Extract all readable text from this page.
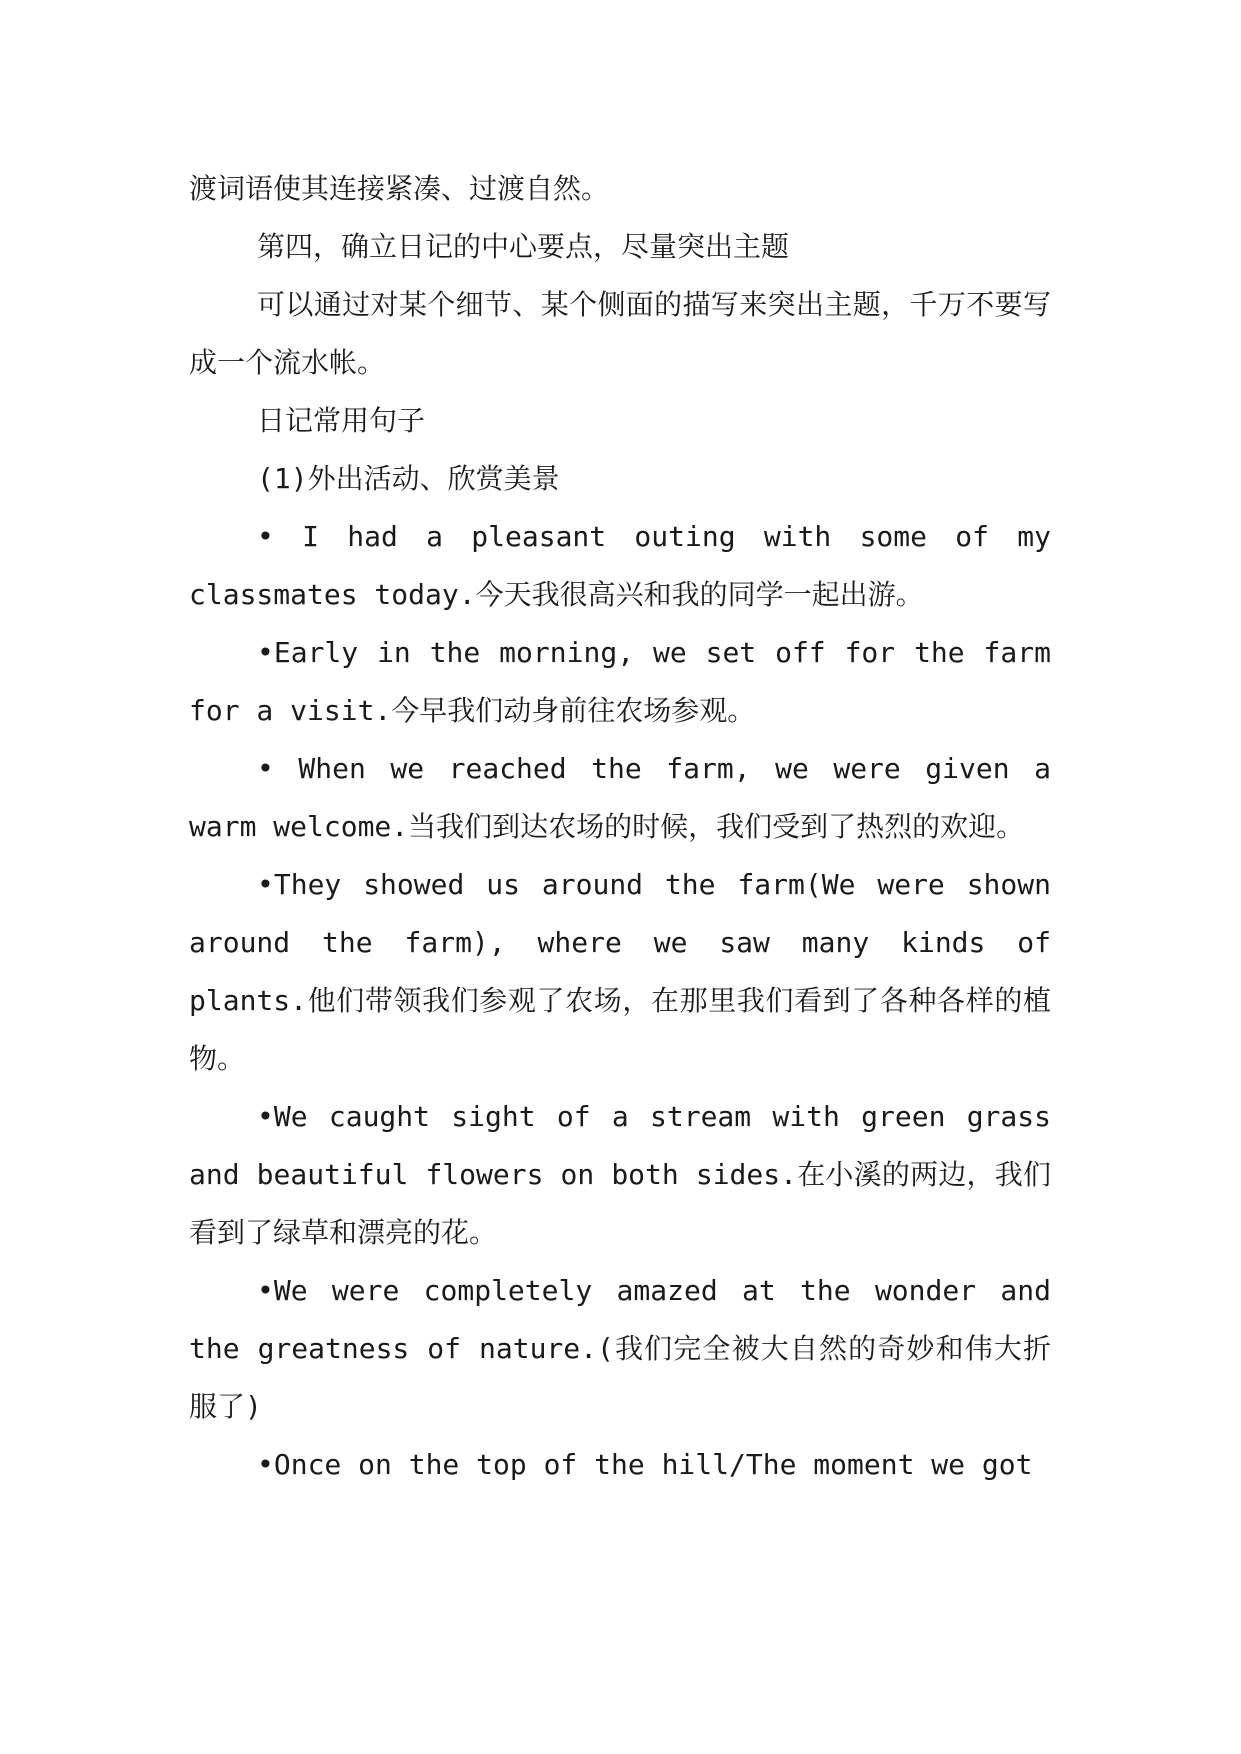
渡词语使其连接紧凑、过渡自然。

第四，确立日记的中心要点，尽量突出主题

可以通过对某个细节、某个侧面的描写来突出主题，千万不要写成一个流水帐。

日记常用句子

(1)外出活动、欣赏美景

• I had a pleasant outing with some of my classmates today.今天我很高兴和我的同学一起出游。

•Early in the morning, we set off for the farm for a visit.今早我们动身前往农场参观。

• When we reached the farm, we were given a warm welcome.当我们到达农场的时候，我们受到了热烈的欢迎。

•They showed us around the farm(We were shown around the farm), where we saw many kinds of plants.他们带领我们参观了农场，在那里我们看到了各种各样的植物。

•We caught sight of a stream with green grass and beautiful flowers on both sides.在小溪的两边，我们看到了绿草和漂亮的花。

•We were completely amazed at the wonder and the greatness of nature.(我们完全被大自然的奇妙和伟大折服了)

•Once on the top of the hill/The moment we got
